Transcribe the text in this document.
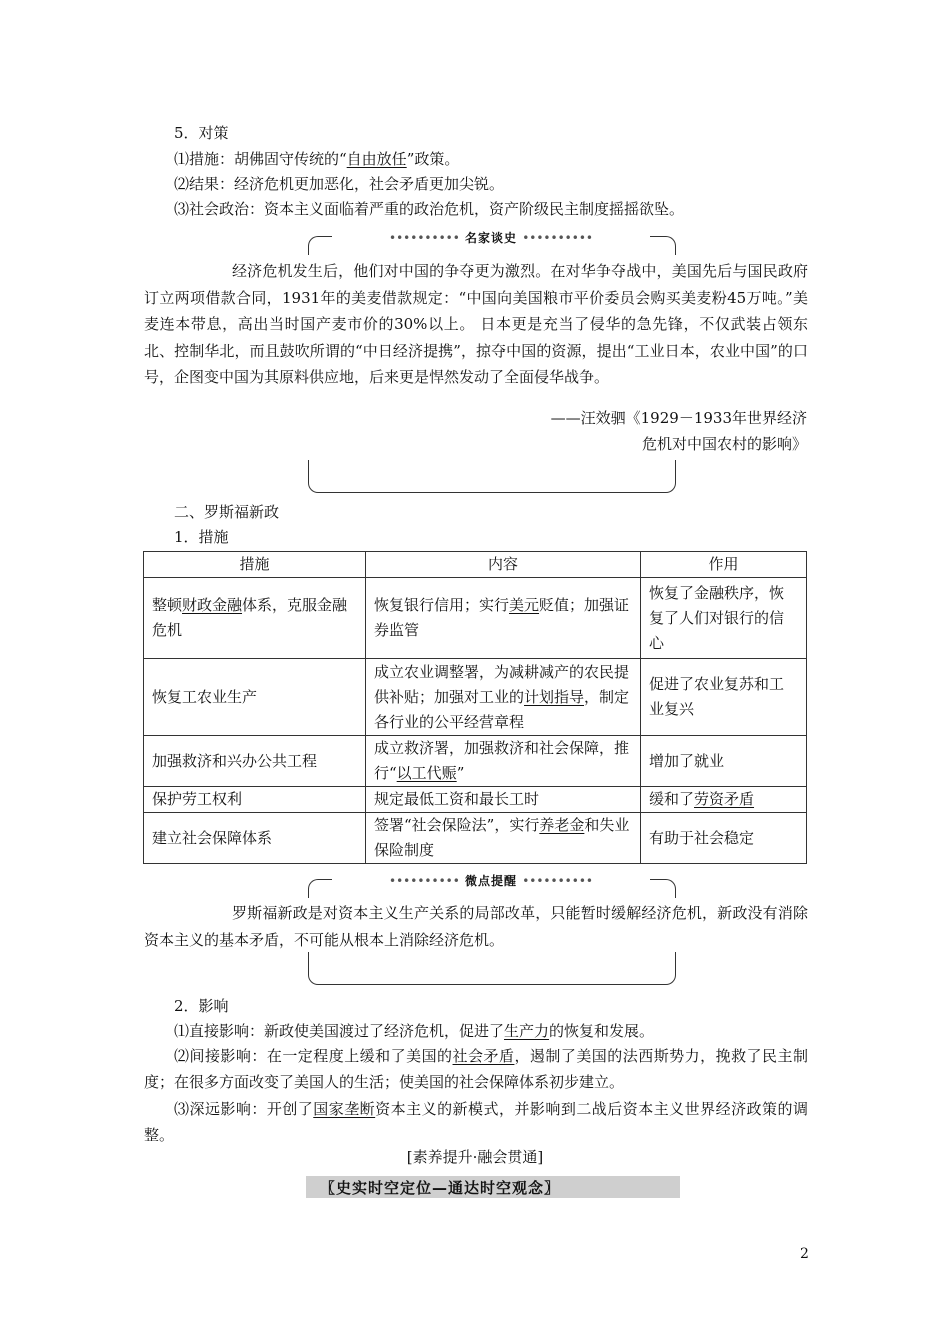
5．对策
⑴措施：胡佛固守传统的“自由放任”政策。
⑵结果：经济危机更加恶化，社会矛盾更加尖锐。
⑶社会政治：资本主义面临着严重的政治危机，资产阶级民主制度摇摇欲坠。
•••••••••• 名家谈史 ••••••••••
经济危机发生后，他们对中国的争夺更为激烈。在对华争夺战中，美国先后与国民政府订立两项借款合同，1931年的美麦借款规定：“中国向美国粮市平价委员会购买美麦粉45万吨。”美麦连本带息，高出当时国产麦市价的30%以上。 日本更是充当了侵华的急先锋，不仅武装占领东北、控制华北，而且鼓吹所谓的“中日经济提携”，掠夺中国的资源，提出“工业日本，农业中国”的口号，企图变中国为其原料供应地，后来更是悍然发动了全面侵华战争。
——汪效驷《1929－1933年世界经济
危机对中国农村的影响》
二、罗斯福新政
1．措施
措施	内容	作用
整顿财政金融体系，克服金融危机	恢复银行信用；实行美元贬值；加强证券监管	恢复了金融秩序，恢复了人们对银行的信心
恢复工农业生产	成立农业调整署，为减耕减产的农民提供补贴；加强对工业的计划指导，制定各行业的公平经营章程	促进了农业复苏和工业复兴
加强救济和兴办公共工程	成立救济署，加强救济和社会保障，推行“以工代赈”	增加了就业
保护劳工权利	规定最低工资和最长工时	缓和了劳资矛盾
建立社会保障体系	签署“社会保险法”，实行养老金和失业保险制度	有助于社会稳定
•••••••••• 微点提醒 ••••••••••
罗斯福新政是对资本主义生产关系的局部改革，只能暂时缓解经济危机，新政没有消除资本主义的基本矛盾，不可能从根本上消除经济危机。
2．影响
⑴直接影响：新政使美国渡过了经济危机，促进了生产力的恢复和发展。
⑵间接影响：在一定程度上缓和了美国的社会矛盾，遏制了美国的法西斯势力，挽救了民主制度；在很多方面改变了美国人的生活；使美国的社会保障体系初步建立。
⑶深远影响：开创了国家垄断资本主义的新模式，并影响到二战后资本主义世界经济政策的调整。
[素养提升·融会贯通]
〖史实时空定位—通达时空观念〗
2
